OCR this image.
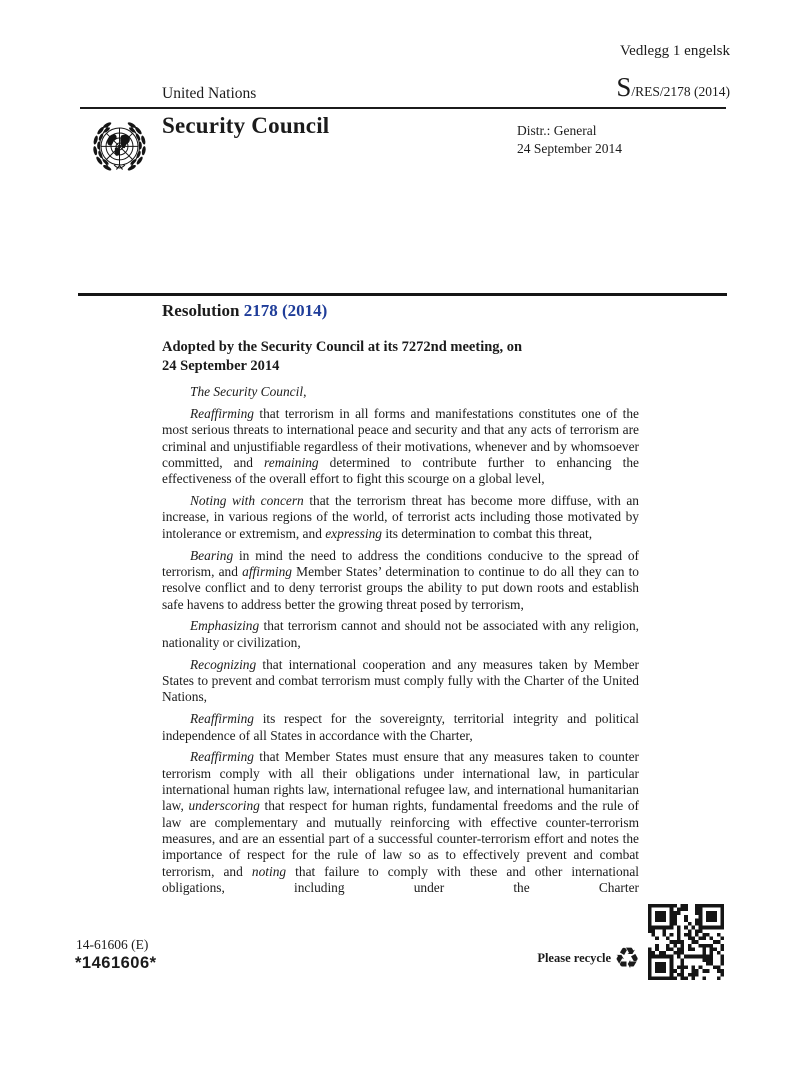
Vedlegg 1 engelsk
United Nations	S/RES/2178 (2014)
Security Council	Distr.: General
24 September 2014
Resolution 2178 (2014)
Adopted by the Security Council at its 7272nd meeting, on
24 September 2014

The Security Council,

Reaffirming that terrorism in all forms and manifestations constitutes one of the most serious threats to international peace and security and that any acts of terrorism are criminal and unjustifiable regardless of their motivations, whenever and by whomsoever committed, and remaining determined to contribute further to enhancing the effectiveness of the overall effort to fight this scourge on a global level,

Noting with concern that the terrorism threat has become more diffuse, with an increase, in various regions of the world, of terrorist acts including those motivated by intolerance or extremism, and expressing its determination to combat this threat,

Bearing in mind the need to address the conditions conducive to the spread of terrorism, and affirming Member States’ determination to continue to do all they can to resolve conflict and to deny terrorist groups the ability to put down roots and establish safe havens to address better the growing threat posed by terrorism,

Emphasizing that terrorism cannot and should not be associated with any religion, nationality or civilization,

Recognizing that international cooperation and any measures taken by Member States to prevent and combat terrorism must comply fully with the Charter of the United Nations,

Reaffirming its respect for the sovereignty, territorial integrity and political independence of all States in accordance with the Charter,

Reaffirming that Member States must ensure that any measures taken to counter terrorism comply with all their obligations under international law, in particular international human rights law, international refugee law, and international humanitarian law, underscoring that respect for human rights, fundamental freedoms and the rule of law are complementary and mutually reinforcing with effective counter-terrorism measures, and are an essential part of a successful counter-terrorism effort and notes the importance of respect for the rule of law so as to effectively prevent and combat terrorism, and noting that failure to comply with these and other international obligations, including under the Charter

14-61606 (E)
*1461606*	Please recycle ♻
